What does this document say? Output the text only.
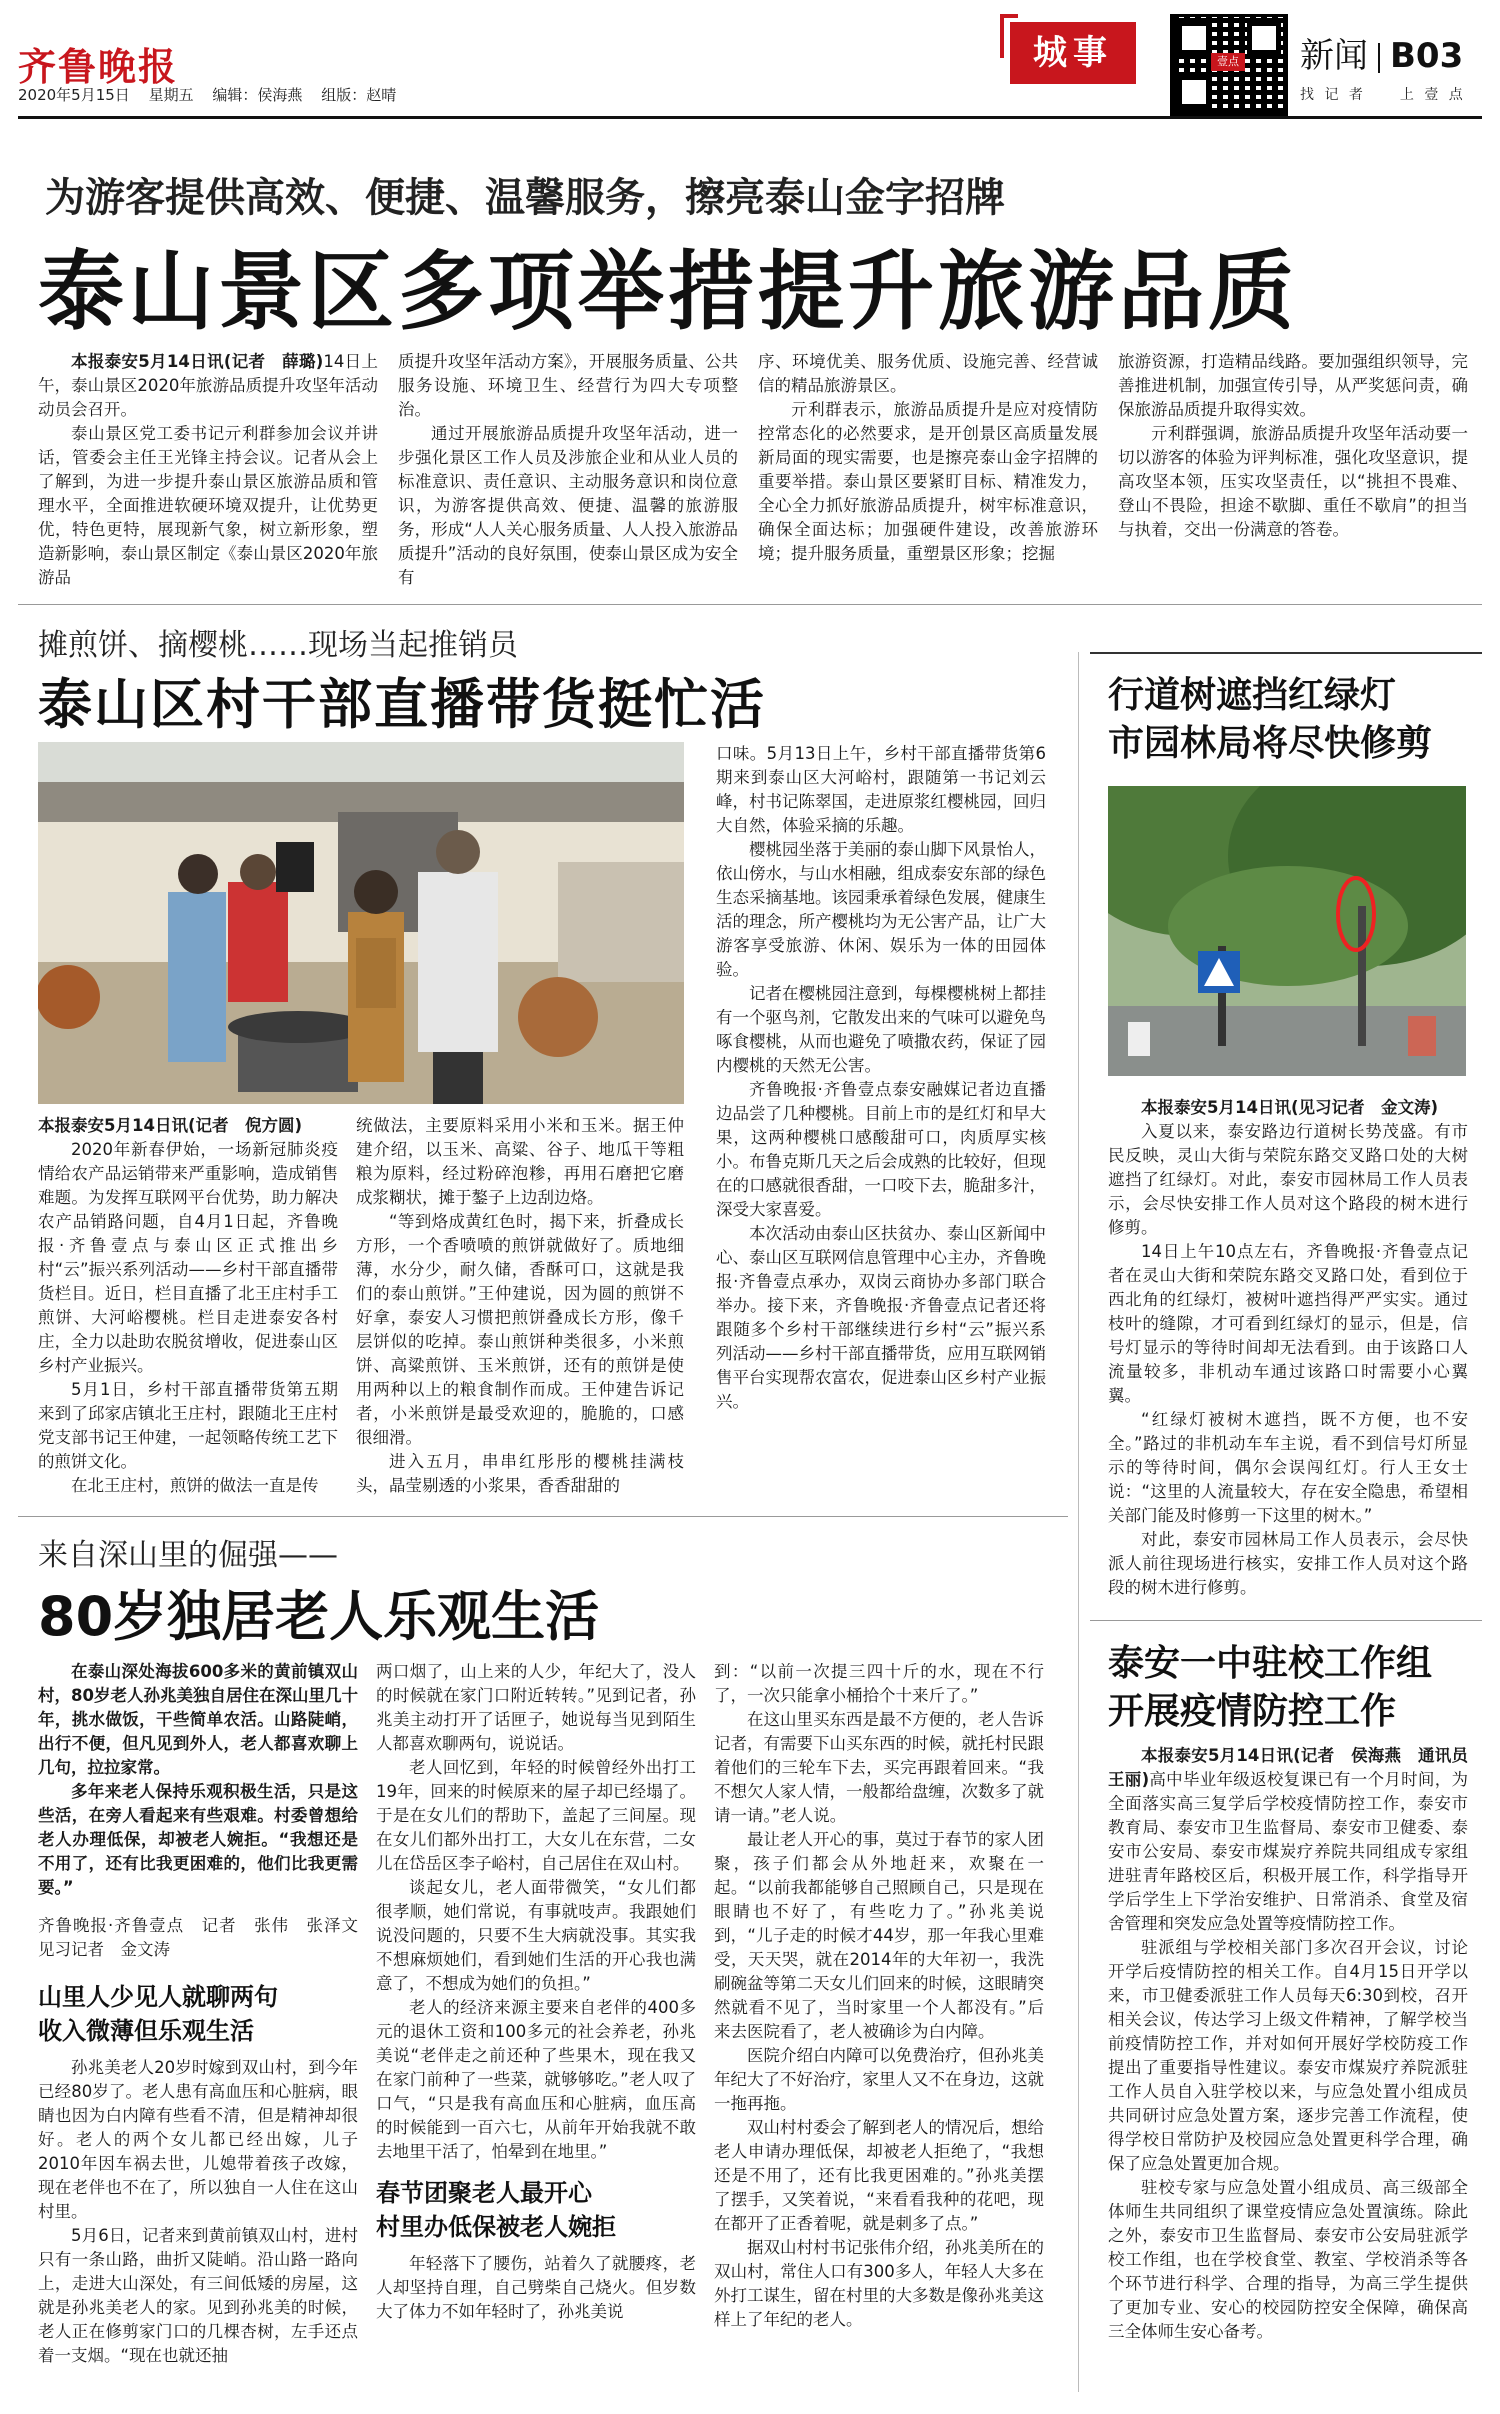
齐鲁晚报
2020年5月15日 星期五 编辑：侯海燕 组版：赵晴
城事	壹点 新闻 B03
找 记 者　　上 壹 点
为游客提供高效、便捷、温馨服务，擦亮泰山金字招牌
泰山景区多项举措提升旅游品质

本报泰安5月14日讯(记者　薛璐)14日上午，泰山景区2020年旅游品质提升攻坚年活动动员会召开。

泰山景区党工委书记亓利群参加会议并讲话，管委会主任王光锋主持会议。记者从会上了解到，为进一步提升泰山景区旅游品质和管理水平，全面推进软硬环境双提升，让优势更优，特色更特，展现新气象，树立新形象，塑造新影响，泰山景区制定《泰山景区2020年旅游品

质提升攻坚年活动方案》，开展服务质量、公共服务设施、环境卫生、经营行为四大专项整治。

通过开展旅游品质提升攻坚年活动，进一步强化景区工作人员及涉旅企业和从业人员的标准意识、责任意识、主动服务意识和岗位意识，为游客提供高效、便捷、温馨的旅游服务，形成“人人关心服务质量、人人投入旅游品质提升”活动的良好氛围，使泰山景区成为安全有

序、环境优美、服务优质、设施完善、经营诚信的精品旅游景区。

亓利群表示，旅游品质提升是应对疫情防控常态化的必然要求，是开创景区高质量发展新局面的现实需要，也是擦亮泰山金字招牌的重要举措。泰山景区要紧盯目标、精准发力，全心全力抓好旅游品质提升，树牢标准意识，确保全面达标；加强硬件建设，改善旅游环境；提升服务质量，重塑景区形象；挖掘

旅游资源，打造精品线路。要加强组织领导，完善推进机制，加强宣传引导，从严奖惩问责，确保旅游品质提升取得实效。

亓利群强调，旅游品质提升攻坚年活动要一切以游客的体验为评判标准，强化攻坚意识，提高攻坚本领，压实攻坚责任，以“挑担不畏难、登山不畏险，担途不歇脚、重任不歇肩”的担当与执着，交出一份满意的答卷。

摊煎饼、摘樱桃……现场当起推销员
泰山区村干部直播带货挺忙活

本报泰安5月14日讯(记者　倪方圆)

2020年新春伊始，一场新冠肺炎疫情给农产品运销带来严重影响，造成销售难题。为发挥互联网平台优势，助力解决农产品销路问题，自4月1日起，齐鲁晚报·齐鲁壹点与泰山区正式推出乡村“云”振兴系列活动——乡村干部直播带货栏目。近日，栏目直播了北王庄村手工煎饼、大河峪樱桃。栏目走进泰安各村庄，全力以赴助农脱贫增收，促进泰山区乡村产业振兴。

5月1日，乡村干部直播带货第五期来到了邱家店镇北王庄村，跟随北王庄村党支部书记王仲建，一起领略传统工艺下的煎饼文化。

在北王庄村，煎饼的做法一直是传

统做法，主要原料采用小米和玉米。据王仲建介绍，以玉米、高粱、谷子、地瓜干等粗粮为原料，经过粉碎泡糁，再用石磨把它磨成浆糊状，摊于鏊子上边刮边烙。

“等到烙成黄红色时，揭下来，折叠成长方形，一个香喷喷的煎饼就做好了。质地细薄，水分少，耐久储，香酥可口，这就是我们的泰山煎饼。”王仲建说，因为圆的煎饼不好拿，泰安人习惯把煎饼叠成长方形，像千层饼似的吃掉。泰山煎饼种类很多，小米煎饼、高粱煎饼、玉米煎饼，还有的煎饼是使用两种以上的粮食制作而成。王仲建告诉记者，小米煎饼是最受欢迎的，脆脆的，口感很细滑。

进入五月，串串红彤彤的樱桃挂满枝头，晶莹剔透的小浆果，香香甜甜的

口味。5月13日上午，乡村干部直播带货第6期来到泰山区大河峪村，跟随第一书记刘云峰，村书记陈翠国，走进原浆红樱桃园，回归大自然，体验采摘的乐趣。

樱桃园坐落于美丽的泰山脚下风景怡人，依山傍水，与山水相融，组成泰安东部的绿色生态采摘基地。该园秉承着绿色发展，健康生活的理念，所产樱桃均为无公害产品，让广大游客享受旅游、休闲、娱乐为一体的田园体验。

记者在樱桃园注意到，每棵樱桃树上都挂有一个驱鸟剂，它散发出来的气味可以避免鸟啄食樱桃，从而也避免了喷撒农药，保证了园内樱桃的天然无公害。

齐鲁晚报·齐鲁壹点泰安融媒记者边直播边品尝了几种樱桃。目前上市的是红灯和早大果，这两种樱桃口感酸甜可口，肉质厚实核小。布鲁克斯几天之后会成熟的比较好，但现在的口感就很香甜，一口咬下去，脆甜多汁，深受大家喜爱。

本次活动由泰山区扶贫办、泰山区新闻中心、泰山区互联网信息管理中心主办，齐鲁晚报·齐鲁壹点承办，双岗云商协办多部门联合举办。接下来，齐鲁晚报·齐鲁壹点记者还将跟随多个乡村干部继续进行乡村“云”振兴系列活动——乡村干部直播带货，应用互联网销售平台实现帮农富农，促进泰山区乡村产业振兴。

行道树遮挡红绿灯
市园林局将尽快修剪

本报泰安5月14日讯(见习记者　金文涛)

入夏以来，泰安路边行道树长势茂盛。有市民反映，灵山大街与荣院东路交叉路口处的大树遮挡了红绿灯。对此，泰安市园林局工作人员表示，会尽快安排工作人员对这个路段的树木进行修剪。

14日上午10点左右，齐鲁晚报·齐鲁壹点记者在灵山大街和荣院东路交叉路口处，看到位于西北角的红绿灯，被树叶遮挡得严严实实。通过枝叶的缝隙，才可看到红绿灯的显示，但是，信号灯显示的等待时间却无法看到。由于该路口人流量较多，非机动车通过该路口时需要小心翼翼。

“红绿灯被树木遮挡，既不方便，也不安全。”路过的非机动车车主说，看不到信号灯所显示的等待时间，偶尔会误闯红灯。行人王女士说：“这里的人流量较大，存在安全隐患，希望相关部门能及时修剪一下这里的树木。”

对此，泰安市园林局工作人员表示，会尽快派人前往现场进行核实，安排工作人员对这个路段的树木进行修剪。

来自深山里的倔强——
80岁独居老人乐观生活

在泰山深处海拔600多米的黄前镇双山村，80岁老人孙兆美独自居住在深山里几十年，挑水做饭，干些简单农活。山路陡峭，出行不便，但凡见到外人，老人都喜欢聊上几句，拉拉家常。

多年来老人保持乐观积极生活，只是这些活，在旁人看起来有些艰难。村委曾想给老人办理低保，却被老人婉拒。“我想还是不用了，还有比我更困难的，他们比我更需要。”

齐鲁晚报·齐鲁壹点　记者　张伟　张泽文　见习记者　金文涛

山里人少见人就聊两句
收入微薄但乐观生活

孙兆美老人20岁时嫁到双山村，到今年已经80岁了。老人患有高血压和心脏病，眼睛也因为白内障有些看不清，但是精神却很好。老人的两个女儿都已经出嫁，儿子2010年因车祸去世，儿媳带着孩子改嫁，现在老伴也不在了，所以独自一人住在这山村里。

5月6日，记者来到黄前镇双山村，进村只有一条山路，曲折又陡峭。沿山路一路向上，走进大山深处，有三间低矮的房屋，这就是孙兆美老人的家。见到孙兆美的时候，老人正在修剪家门口的几棵杏树，左手还点着一支烟。“现在也就还抽

两口烟了，山上来的人少，年纪大了，没人的时候就在家门口附近转转。”见到记者，孙兆美主动打开了话匣子，她说每当见到陌生人都喜欢聊两句，说说话。

老人回忆到，年轻的时候曾经外出打工19年，回来的时候原来的屋子却已经塌了。于是在女儿们的帮助下，盖起了三间屋。现在女儿们都外出打工，大女儿在东营，二女儿在岱岳区李子峪村，自己居住在双山村。

谈起女儿，老人面带微笑，“女儿们都很孝顺，她们常说，有事就吱声。我跟她们说没问题的，只要不生大病就没事。其实我不想麻烦她们，看到她们生活的开心我也满意了，不想成为她们的负担。”

老人的经济来源主要来自老伴的400多元的退休工资和100多元的社会养老，孙兆美说“老伴走之前还种了些果木，现在我又在家门前种了一些菜，就够够吃。”老人叹了口气，“只是我有高血压和心脏病，血压高的时候能到一百六七，从前年开始我就不敢去地里干活了，怕晕到在地里。”

春节团聚老人最开心
村里办低保被老人婉拒

年轻落下了腰伤，站着久了就腰疼，老人却坚持自理，自己劈柴自己烧火。但岁数大了体力不如年轻时了，孙兆美说

到：“以前一次提三四十斤的水，现在不行了，一次只能拿小桶拾个十来斤了。”

在这山里买东西是最不方便的，老人告诉记者，有需要下山买东西的时候，就托村民跟着他们的三轮车下去，买完再跟着回来。“我不想欠人家人情，一般都给盘缠，次数多了就请一请。”老人说。

最让老人开心的事，莫过于春节的家人团聚，孩子们都会从外地赶来，欢聚在一起。“以前我都能够自己照顾自己，只是现在眼睛也不好了，有些吃力了。”孙兆美说到，“儿子走的时候才44岁，那一年我心里难受，天天哭，就在2014年的大年初一，我洗刷碗盆等第二天女儿们回来的时候，这眼睛突然就看不见了，当时家里一个人都没有。”后来去医院看了，老人被确诊为白内障。

医院介绍白内障可以免费治疗，但孙兆美年纪大了不好治疗，家里人又不在身边，这就一拖再拖。

双山村村委会了解到老人的情况后，想给老人申请办理低保，却被老人拒绝了，“我想还是不用了，还有比我更困难的。”孙兆美摆了摆手，又笑着说，“来看看我种的花吧，现在都开了正香着呢，就是刺多了点。”

据双山村村书记张伟介绍，孙兆美所在的双山村，常住人口有300多人，年轻人大多在外打工谋生，留在村里的大多数是像孙兆美这样上了年纪的老人。

泰安一中驻校工作组
开展疫情防控工作

本报泰安5月14日讯(记者　侯海燕　通讯员　王丽)高中毕业年级返校复课已有一个月时间，为全面落实高三复学后学校疫情防控工作，泰安市教育局、泰安市卫生监督局、泰安市卫健委、泰安市公安局、泰安市煤炭疗养院共同组成专家组进驻青年路校区后，积极开展工作，科学指导开学后学生上下学治安维护、日常消杀、食堂及宿舍管理和突发应急处置等疫情防控工作。

驻派组与学校相关部门多次召开会议，讨论开学后疫情防控的相关工作。自4月15日开学以来，市卫健委派驻工作人员每天6:30到校，召开相关会议，传达学习上级文件精神，了解学校当前疫情防控工作，并对如何开展好学校防疫工作提出了重要指导性建议。泰安市煤炭疗养院派驻工作人员自入驻学校以来，与应急处置小组成员共同研讨应急处置方案，逐步完善工作流程，使得学校日常防护及校园应急处置更科学合理，确保了应急处置更加合规。

驻校专家与应急处置小组成员、高三级部全体师生共同组织了课堂疫情应急处置演练。除此之外，泰安市卫生监督局、泰安市公安局驻派学校工作组，也在学校食堂、教室、学校消杀等各个环节进行科学、合理的指导，为高三学生提供了更加专业、安心的校园防控安全保障，确保高三全体师生安心备考。
